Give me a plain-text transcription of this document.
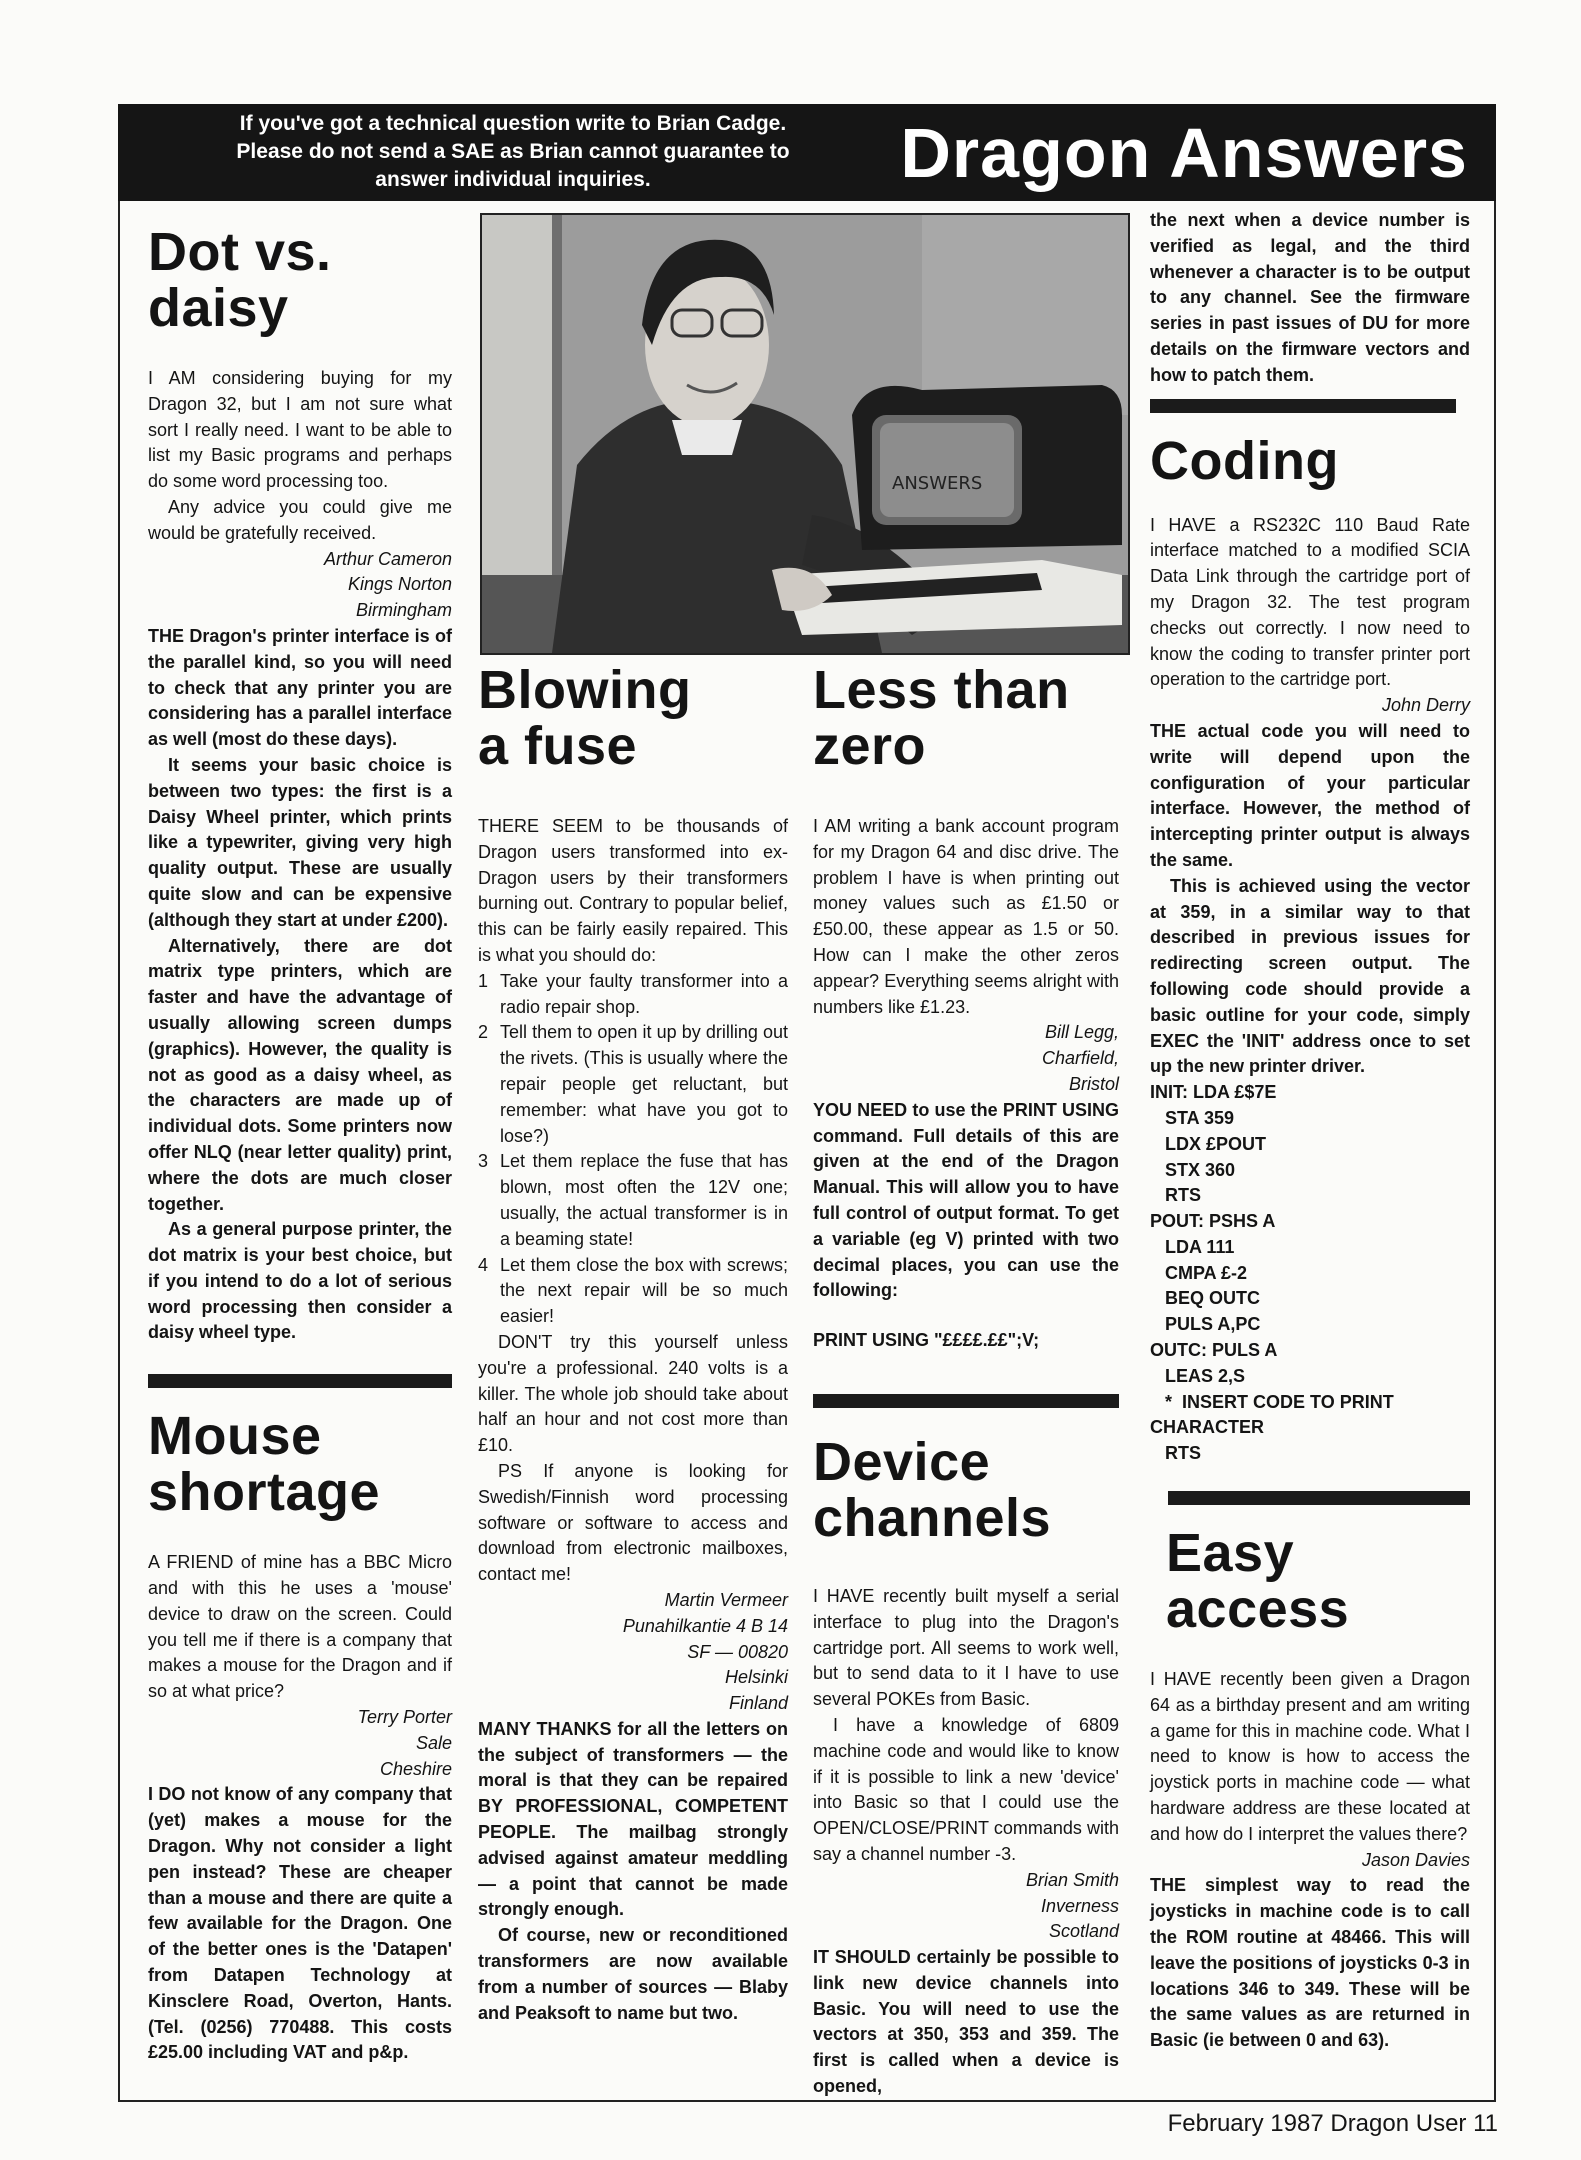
If you've got a technical question write to Brian Cadge.
Please do not send a SAE as Brian cannot guarantee to
answer individual inquiries.	Dragon Answers
Dot vs.
daisy

I AM considering buying for my Dragon 32, but I am not sure what sort I really need. I want to be able to list my Basic programs and perhaps do some word processing too.

Any advice you could give me would be gratefully received.

Arthur Cameron

Kings Norton

Birmingham

THE Dragon's printer interface is of the parallel kind, so you will need to check that any printer you are considering has a parallel interface as well (most do these days).

It seems your basic choice is between two types: the first is a Daisy Wheel printer, which prints like a typewriter, giving very high quality output. These are usually quite slow and can be expensive (although they start at under £200).

Alternatively, there are dot matrix type printers, which are faster and have the advantage of usually allowing screen dumps (graphics). However, the quality is not as good as a daisy wheel, as the characters are made up of individual dots. Some printers now offer NLQ (near letter quality) print, where the dots are much closer together.

As a general purpose printer, the dot matrix is your best choice, but if you intend to do a lot of serious word processing then consider a daisy wheel type.

Mouse
shortage

A FRIEND of mine has a BBC Micro and with this he uses a 'mouse' device to draw on the screen. Could you tell me if there is a company that makes a mouse for the Dragon and if so at what price?

Terry Porter

Sale

Cheshire

I DO not know of any company that (yet) makes a mouse for the Dragon. Why not consider a light pen instead? These are cheaper than a mouse and there are quite a few available for the Dragon. One of the better ones is the 'Datapen' from Datapen Technology at Kinsclere Road, Overton, Hants. (Tel. (0256) 770488. This costs £25.00 including VAT and p&p.

ANSWERS
Blowing
a fuse

THERE SEEM to be thousands of Dragon users transformed into ex-Dragon users by their transformers burning out. Contrary to popular belief, this can be fairly easily repaired. This is what you should do:

1 Take your faulty transformer into a radio repair shop.
2 Tell them to open it up by drilling out the rivets. (This is usually where the repair people get reluctant, but remember: what have you got to lose?)
3 Let them replace the fuse that has blown, most often the 12V one; usually, the actual transformer is in a beaming state!
4 Let them close the box with screws; the next repair will be so much easier!

DON'T try this yourself unless you're a professional. 240 volts is a killer. The whole job should take about half an hour and not cost more than £10.

PS If anyone is looking for Swedish/Finnish word processing software or software to access and download from electronic mailboxes, contact me!

Martin Vermeer

Punahilkantie 4 B 14

SF — 00820

Helsinki

Finland

MANY THANKS for all the letters on the subject of transformers — the moral is that they can be repaired BY PROFESSIONAL, COMPETENT PEOPLE. The mailbag strongly advised against amateur meddling — a point that cannot be made strongly enough.

Of course, new or reconditioned transformers are now available from a number of sources — Blaby and Peaksoft to name but two.

Less than
zero

I AM writing a bank account program for my Dragon 64 and disc drive. The problem I have is when printing out money values such as £1.50 or £50.00, these appear as 1.5 or 50. How can I make the other zeros appear? Everything seems alright with numbers like £1.23.

Bill Legg,

Charfield,

Bristol

YOU NEED to use the PRINT USING command. Full details of this are given at the end of the Dragon Manual. This will allow you to have full control of output format. To get a variable (eg V) printed with two decimal places, you can use the following:

PRINT USING "££££.££";V;

Device
channels

I HAVE recently built myself a serial interface to plug into the Dragon's cartridge port. All seems to work well, but to send data to it I have to use several POKEs from Basic.

I have a knowledge of 6809 machine code and would like to know if it is possible to link a new 'device' into Basic so that I could use the OPEN/CLOSE/PRINT commands with say a channel number -3.

Brian Smith

Inverness

Scotland

IT SHOULD certainly be possible to link new device channels into Basic. You will need to use the vectors at 350, 353 and 359. The first is called when a device is opened,

the next when a device number is verified as legal, and the third whenever a character is to be output to any channel. See the firmware series in past issues of DU for more details on the firmware vectors and how to patch them.

Coding

I HAVE a RS232C 110 Baud Rate interface matched to a modified SCIA Data Link through the cartridge port of my Dragon 32. The test program checks out correctly. I now need to know the coding to transfer printer port operation to the cartridge port.

John Derry

THE actual code you will need to write will depend upon the configuration of your particular interface. However, the method of intercepting printer output is always the same.

This is achieved using the vector at 359, in a similar way to that described in previous issues for redirecting screen output. The following code should provide a basic outline for your code, simply EXEC the 'INIT' address once to set up the new printer driver.

INIT: LDA £$7E
STA 359
LDX £POUT
STX 360
RTS
POUT: PSHS A
LDA 111
CMPA £-2
BEQ OUTC
PULS A,PC
OUTC: PULS A
LEAS 2,S
*  INSERT CODE TO PRINT
CHARACTER
RTS
Easy
access

I HAVE recently been given a Dragon 64 as a birthday present and am writing a game for this in machine code. What I need to know is how to access the joystick ports in machine code — what hardware address are these located at and how do I interpret the values there?

Jason Davies

THE simplest way to read the joysticks in machine code is to call the ROM routine at 48466. This will leave the positions of joysticks 0-3 in locations 346 to 349. These will be the same values as are returned in Basic (ie between 0 and 63).

February 1987 Dragon User 11
